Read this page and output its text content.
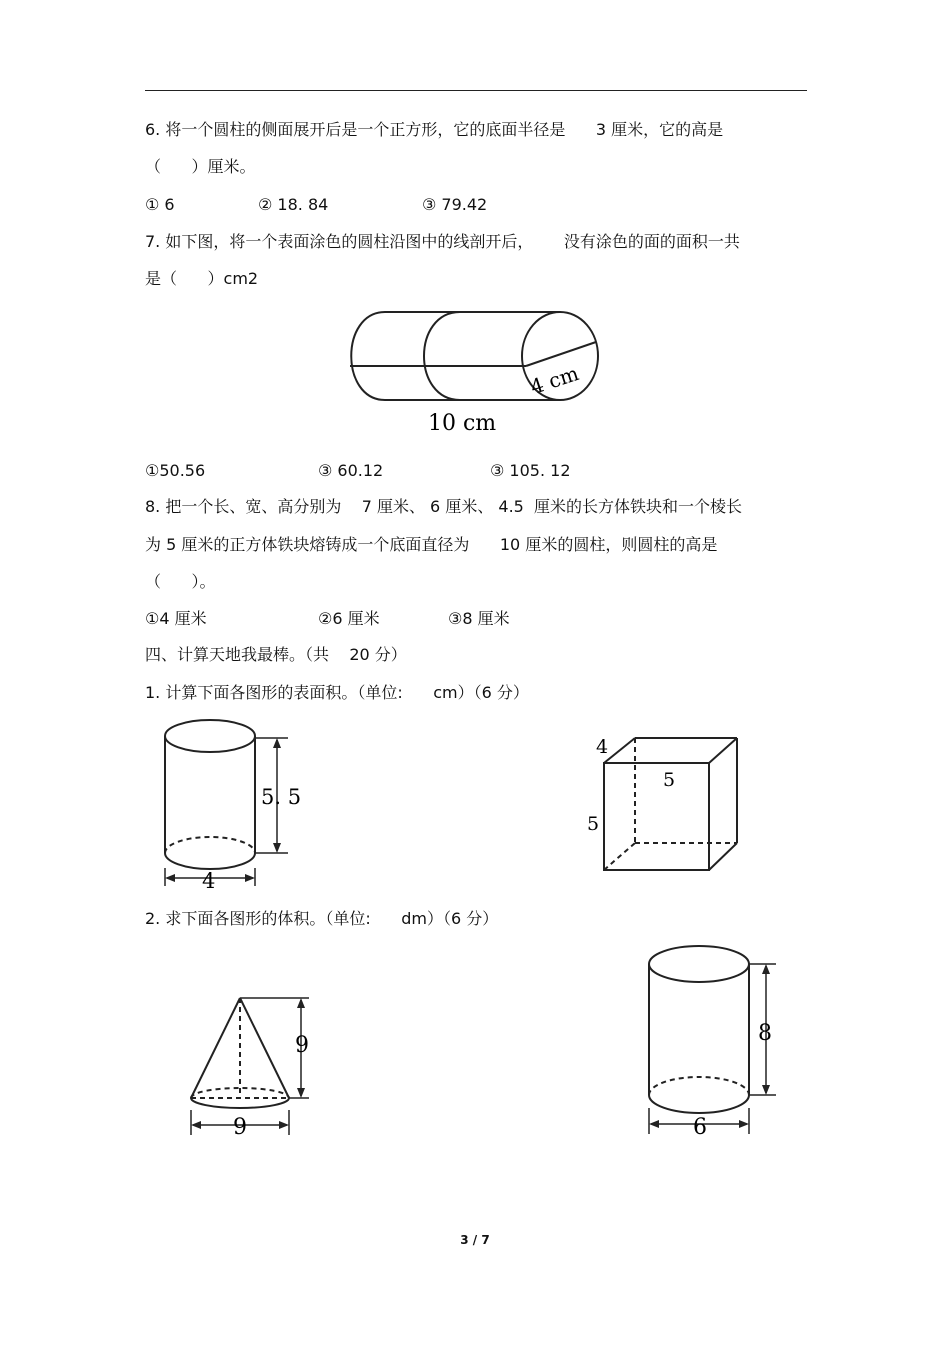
6. 将一个圆柱的侧面展开后是一个正方形，它的底面半径是      3 厘米，它的高是
（      ）厘米。
① 6	② 18. 84	③ 79.42
7. 如下图，将一个表面涂色的圆柱沿图中的线剖开后，      没有涂色的面的面积一共
是（      ）cm2
4 cm
10 cm
①50.56	③ 60.12	③ 105. 12
8. 把一个长、宽、高分别为    7 厘米、 6 厘米、 4.5  厘米的长方体铁块和一个棱长
为 5 厘米的正方体铁块熔铸成一个底面直径为      10 厘米的圆柱，则圆柱的高是
（      ）。
①4 厘米	②6 厘米	③8 厘米
四、计算天地我最棒。（共    20 分）
1. 计算下面各图形的表面积。（单位:      cm）（6 分）
5. 5
4
4
5
5
2. 求下面各图形的体积。（单位:      dm）（6 分）
9
9
8
6
3 / 7
